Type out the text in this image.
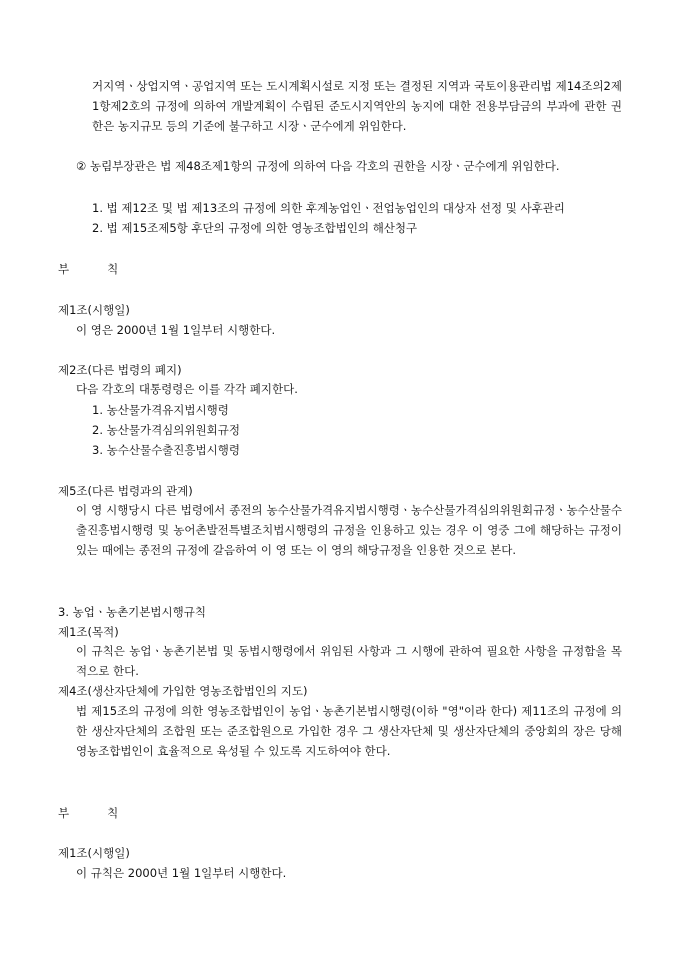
거지역ㆍ상업지역ㆍ공업지역 또는 도시계획시설로 지정 또는 결정된 지역과 국토이용관리법 제14조의2제1항제2호의 규정에 의하여 개발계획이 수립된 준도시지역안의 농지에 대한 전용부담금의 부과에 관한 권한은 농지규모 등의 기준에 불구하고 시장ㆍ군수에게 위임한다.
② 농림부장관은 법 제48조제1항의 규정에 의하여 다음 각호의 권한을 시장ㆍ군수에게 위임한다.
1. 법 제12조 및 법 제13조의 규정에 의한 후계농업인ㆍ전업농업인의 대상자 선정 및 사후관리
2. 법 제15조제5항 후단의 규정에 의한 영농조합법인의 해산청구
부	칙
제1조(시행일)
이 영은 2000년 1월 1일부터 시행한다.
제2조(다른 법령의 폐지)
다음 각호의 대통령령은 이를 각각 폐지한다.
1. 농산물가격유지법시행령
2. 농산물가격심의위원회규정
3. 농수산물수출진흥법시행령
제5조(다른 법령과의 관계)
이 영 시행당시 다른 법령에서 종전의 농수산물가격유지법시행령ㆍ농수산물가격심의위원회규정ㆍ농수산물수출진흥법시행령 및 농어촌발전특별조치법시행령의 규정을 인용하고 있는 경우 이 영중 그에 해당하는 규정이 있는 때에는 종전의 규정에 갈음하여 이 영 또는 이 영의 해당규정을 인용한 것으로 본다.
3. 농업ㆍ농촌기본법시행규칙
제1조(목적)
이 규칙은 농업ㆍ농촌기본법 및 동법시행령에서 위임된 사항과 그 시행에 관하여 필요한 사항을 규정함을 목적으로 한다.
제4조(생산자단체에 가입한 영농조합법인의 지도)
법 제15조의 규정에 의한 영농조합법인이 농업ㆍ농촌기본법시행령(이하 "영"이라 한다) 제11조의 규정에 의한 생산자단체의 조합원 또는 준조합원으로 가입한 경우 그 생산자단체 및 생산자단체의 중앙회의 장은 당해 영농조합법인이 효율적으로 육성될 수 있도록 지도하여야 한다.
부	칙
제1조(시행일)
이 규칙은 2000년 1월 1일부터 시행한다.
